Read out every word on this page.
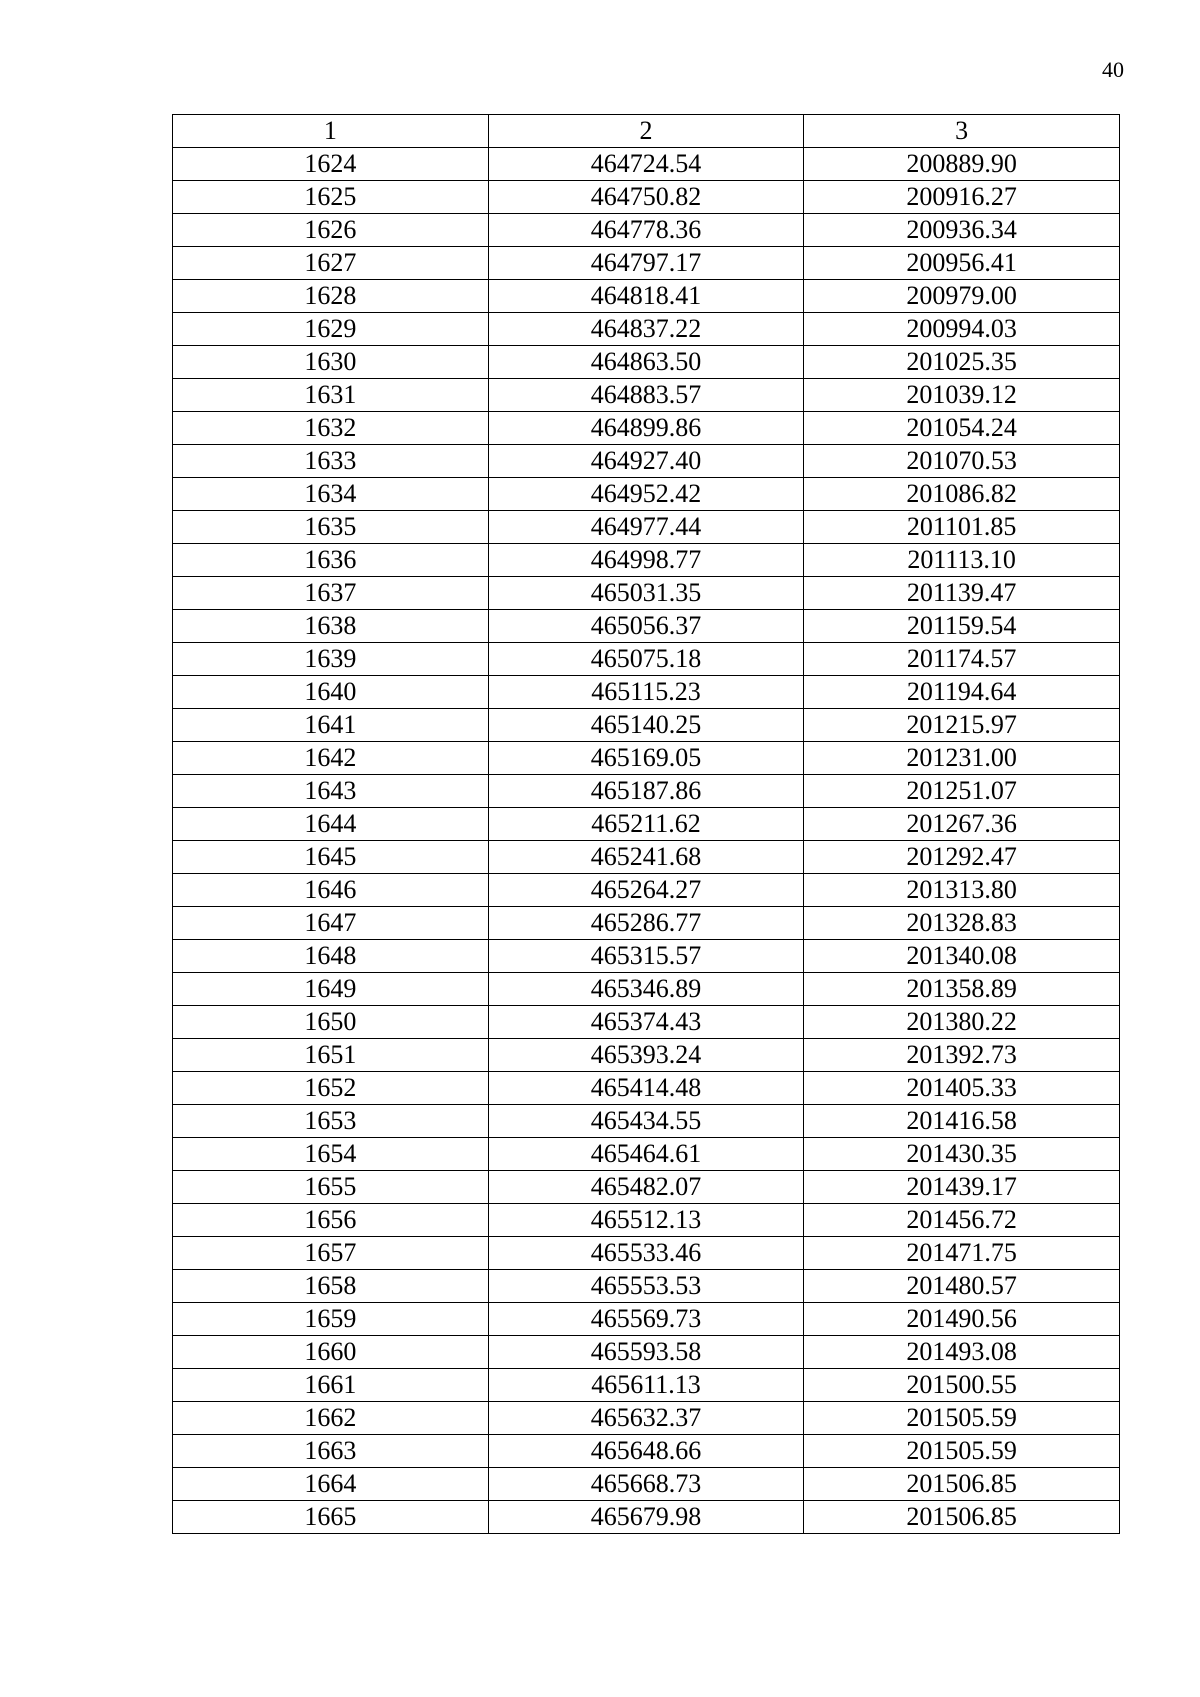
40
1	2	3
1624	464724.54	200889.90
1625	464750.82	200916.27
1626	464778.36	200936.34
1627	464797.17	200956.41
1628	464818.41	200979.00
1629	464837.22	200994.03
1630	464863.50	201025.35
1631	464883.57	201039.12
1632	464899.86	201054.24
1633	464927.40	201070.53
1634	464952.42	201086.82
1635	464977.44	201101.85
1636	464998.77	201113.10
1637	465031.35	201139.47
1638	465056.37	201159.54
1639	465075.18	201174.57
1640	465115.23	201194.64
1641	465140.25	201215.97
1642	465169.05	201231.00
1643	465187.86	201251.07
1644	465211.62	201267.36
1645	465241.68	201292.47
1646	465264.27	201313.80
1647	465286.77	201328.83
1648	465315.57	201340.08
1649	465346.89	201358.89
1650	465374.43	201380.22
1651	465393.24	201392.73
1652	465414.48	201405.33
1653	465434.55	201416.58
1654	465464.61	201430.35
1655	465482.07	201439.17
1656	465512.13	201456.72
1657	465533.46	201471.75
1658	465553.53	201480.57
1659	465569.73	201490.56
1660	465593.58	201493.08
1661	465611.13	201500.55
1662	465632.37	201505.59
1663	465648.66	201505.59
1664	465668.73	201506.85
1665	465679.98	201506.85
